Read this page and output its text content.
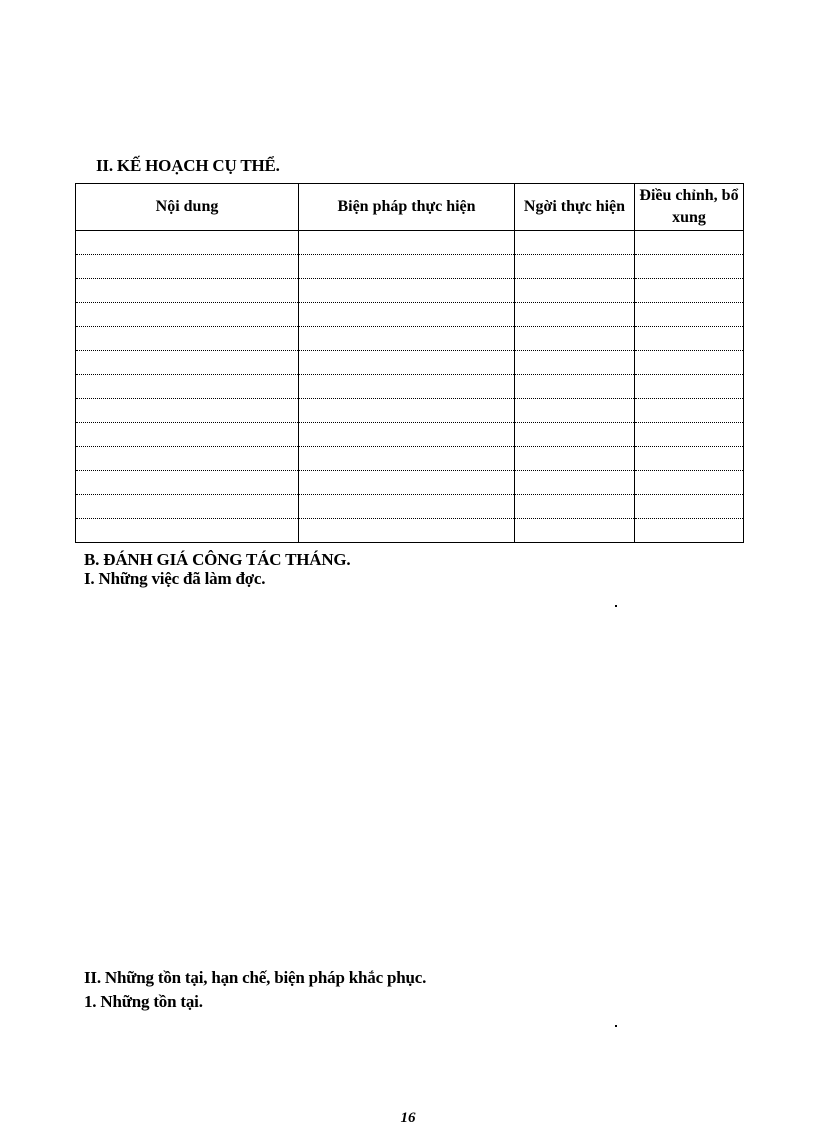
II. KẾ HOẠCH CỤ THỂ.
Nội dung	Biện pháp thực hiện	Ngời thực hiện	Điều chỉnh, bổ xung

B. ĐÁNH GIÁ CÔNG TÁC THÁNG.
I. Những việc đã làm đợc.
II. Những tồn tại, hạn chế, biện pháp khắc phục.
1. Những tồn tại.
16
